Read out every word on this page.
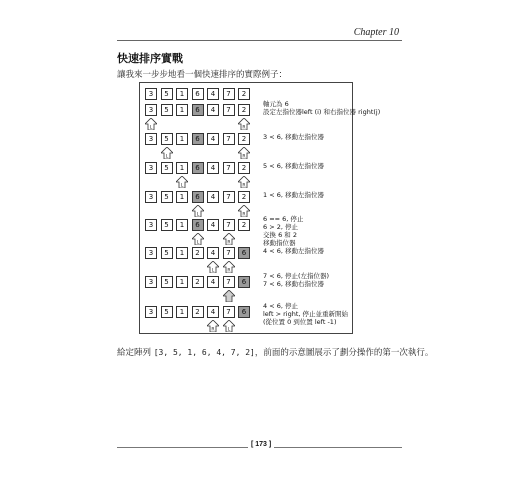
Chapter 10
快速排序實戰
讓我來一步步地看一個快速排序的實際例子：
3	5	1	6	4	7	2
3	5	1	6	4	7	2
L	R
軸元為 6
設定左指位器left (i) 和右指位器 right(j)
3	5	1	6	4	7	2
L	R
3 < 6, 移動左指位器
3	5	1	6	4	7	2
L	R
5 < 6, 移動左指位器
3	5	1	6	4	7	2
L	R
1 < 6, 移動左指位器
3	5	1	6	4	7	2
L	R
6 == 6, 停止
6 > 2, 停止
交換 6 和 2
移動指位器
3	5	1	2	4	7	6
L	R
4 < 6, 移動左指位器
3	5	1	2	4	7	6
7 < 6, 停止(左指位器)
7 < 6, 移動右指位器
3	5	1	2	4	7	6
R	L
4 < 6, 停止
left > right, 停止並重新開始
(從位置 0 到位置 left -1)
給定陣列 [3, 5, 1, 6, 4, 7, 2]，前面的示意圖展示了劃分操作的第一次執行。
[ 173 ]
